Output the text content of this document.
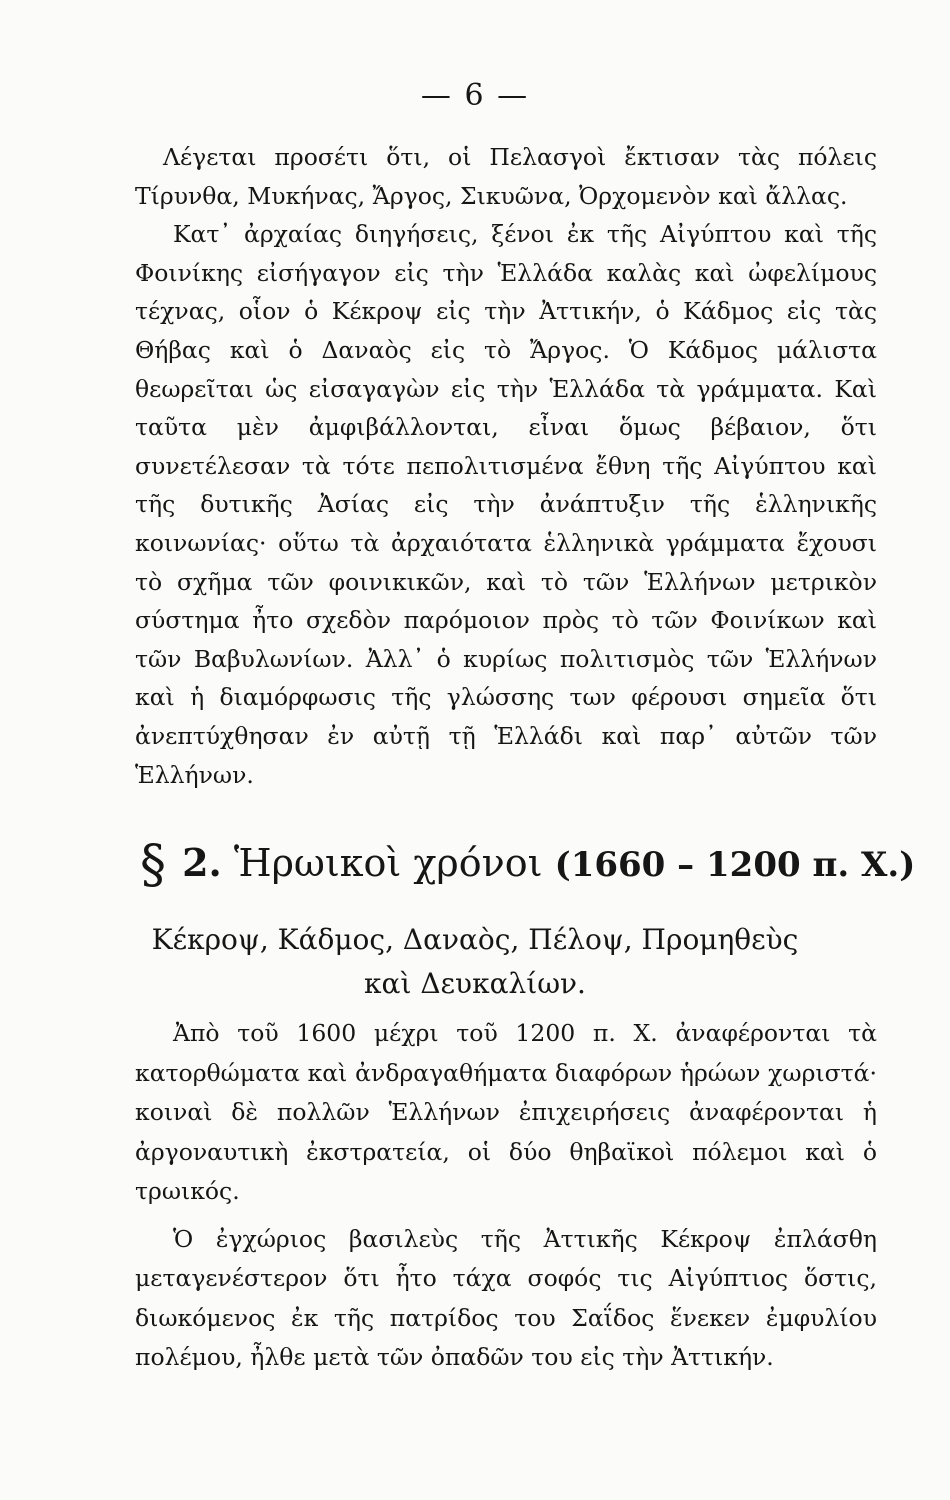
— 6 —

Λέγεται προσέτι ὅτι, οἱ Πελασγοὶ ἔκτισαν τὰς πόλεις Τίρυνθα, Μυκήνας, Ἄργος, Σικυῶνα, Ὀρχομενὸν καὶ ἄλλας.

Κατ᾽ ἀρχαίας διηγήσεις, ξένοι ἐκ τῆς Αἰγύπτου καὶ τῆς Φοινίκης εἰσήγαγον εἰς τὴν Ἑλλάδα καλὰς καὶ ὠφελίμους τέχνας, οἷον ὁ Κέκροψ εἰς τὴν Ἀττικήν, ὁ Κάδμος εἰς τὰς Θήβας καὶ ὁ Δαναὸς εἰς τὸ Ἄργος. Ὁ Κάδμος μάλιστα θεωρεῖται ὡς εἰσαγαγὼν εἰς τὴν Ἑλλάδα τὰ γράμματα. Καὶ ταῦτα μὲν ἀμφιβάλλονται, εἶναι ὅμως βέβαιον, ὅτι συνετέλεσαν τὰ τότε πεπολιτισμένα ἔθνη τῆς Αἰγύπτου καὶ τῆς δυτικῆς Ἀσίας εἰς τὴν ἀνάπτυξιν τῆς ἑλληνικῆς κοινωνίας· οὕτω τὰ ἀρχαιότατα ἑλληνικὰ γράμματα ἔχουσι τὸ σχῆμα τῶν φοινικικῶν, καὶ τὸ τῶν Ἑλλήνων μετρικὸν σύστημα ἦτο σχεδὸν παρόμοιον πρὸς τὸ τῶν Φοινίκων καὶ τῶν Βαβυλωνίων. Ἀλλ᾽ ὁ κυρίως πολιτισμὸς τῶν Ἑλλήνων καὶ ἡ διαμόρφωσις τῆς γλώσσης των φέρουσι σημεῖα ὅτι ἀνεπτύχθησαν ἐν αὐτῇ τῇ Ἑλλάδι καὶ παρ᾽ αὐτῶν τῶν Ἑλλήνων.

§ 2. Ἡρωικοὶ χρόνοι (1660 – 1200 π. Χ.)
Κέκροψ, Κάδμος, Δαναὸς, Πέλοψ, Προμηθεὺς
καὶ Δευκαλίων.

Ἀπὸ τοῦ 1600 μέχρι τοῦ 1200 π. Χ. ἀναφέρονται τὰ κατορθώματα καὶ ἀνδραγαθήματα διαφόρων ἡρώων χωριστά· κοιναὶ δὲ πολλῶν Ἑλλήνων ἐπιχειρήσεις ἀναφέρονται ἡ ἀργοναυτικὴ ἐκστρατεία, οἱ δύο θηβαϊκοὶ πόλεμοι καὶ ὁ τρωικός.

Ὁ ἐγχώριος βασιλεὺς τῆς Ἀττικῆς Κέκροψ ἐπλάσθη μεταγενέστερον ὅτι ἦτο τάχα σοφός τις Αἰγύπτιος ὅστις, διωκόμενος ἐκ τῆς πατρίδος του Σαΐδος ἕνεκεν ἐμφυλίου πολέμου, ἦλθε μετὰ τῶν ὀπαδῶν του εἰς τὴν Ἀττικήν.
